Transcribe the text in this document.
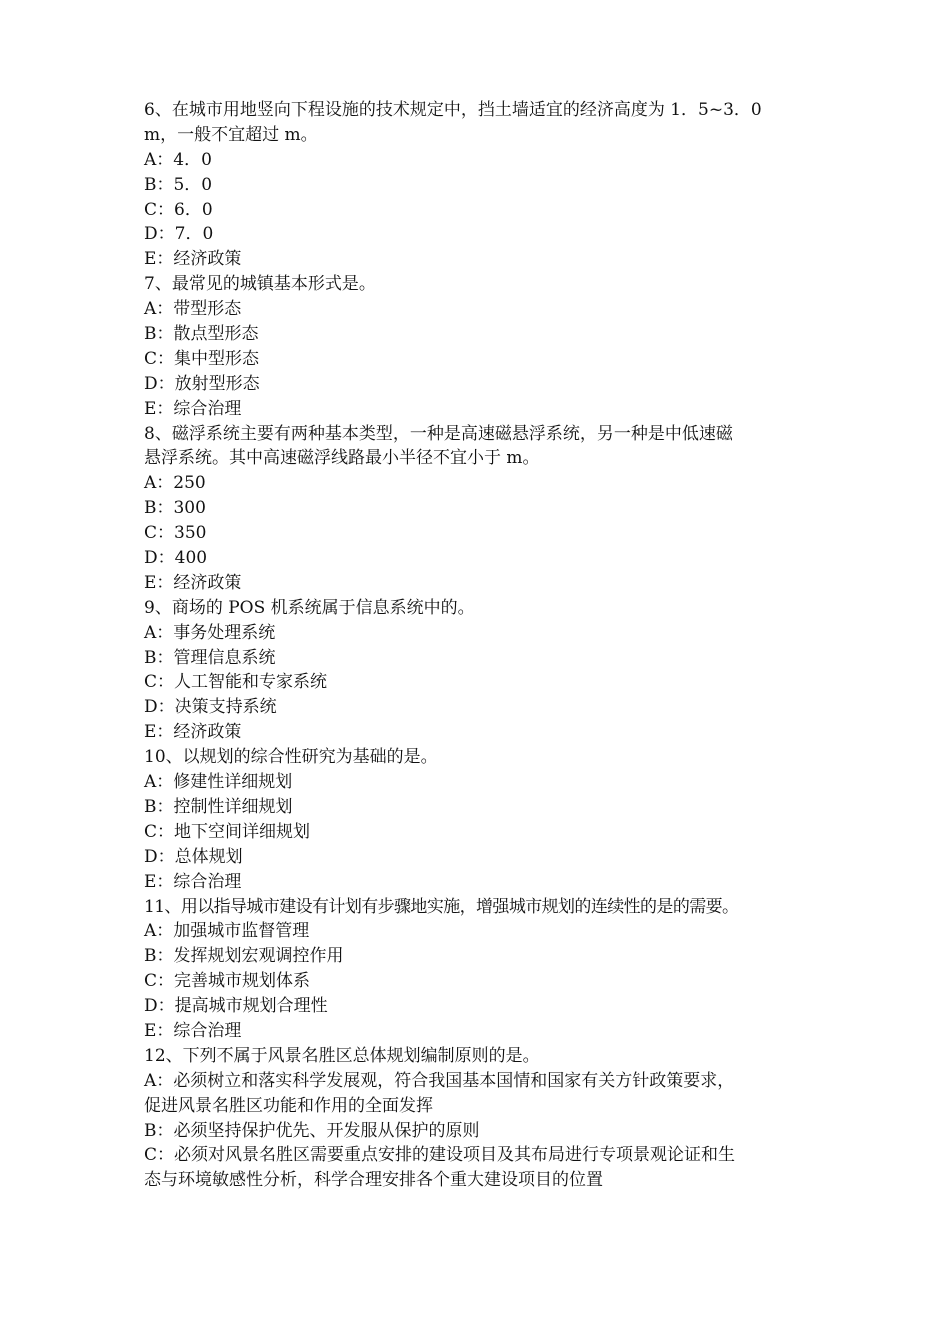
6、在城市用地竖向下程设施的技术规定中，挡土墙适宜的经济高度为 1．5~3．0
m，一般不宜超过 m。
A：4．0
B：5．0
C：6．0
D：7．0
E：经济政策
7、最常见的城镇基本形式是。
A：带型形态
B：散点型形态
C：集中型形态
D：放射型形态
E：综合治理
8、磁浮系统主要有两种基本类型，一种是高速磁悬浮系统，另一种是中低速磁
悬浮系统。其中高速磁浮线路最小半径不宜小于 m。
A：250
B：300
C：350
D：400
E：经济政策
9、商场的 POS 机系统属于信息系统中的。
A：事务处理系统
B：管理信息系统
C：人工智能和专家系统
D：决策支持系统
E：经济政策
10、以规划的综合性研究为基础的是。
A：修建性详细规划
B：控制性详细规划
C：地下空间详细规划
D：总体规划
E：综合治理
11、用以指导城市建设有计划有步骤地实施，增强城市规划的连续性的是的需要。
A：加强城市监督管理
B：发挥规划宏观调控作用
C：完善城市规划体系
D：提高城市规划合理性
E：综合治理
12、下列不属于风景名胜区总体规划编制原则的是。
A：必须树立和落实科学发展观，符合我国基本国情和国家有关方针政策要求，
促进风景名胜区功能和作用的全面发挥
B：必须坚持保护优先、开发服从保护的原则
C：必须对风景名胜区需要重点安排的建设项目及其布局进行专项景观论证和生
态与环境敏感性分析，科学合理安排各个重大建设项目的位置
